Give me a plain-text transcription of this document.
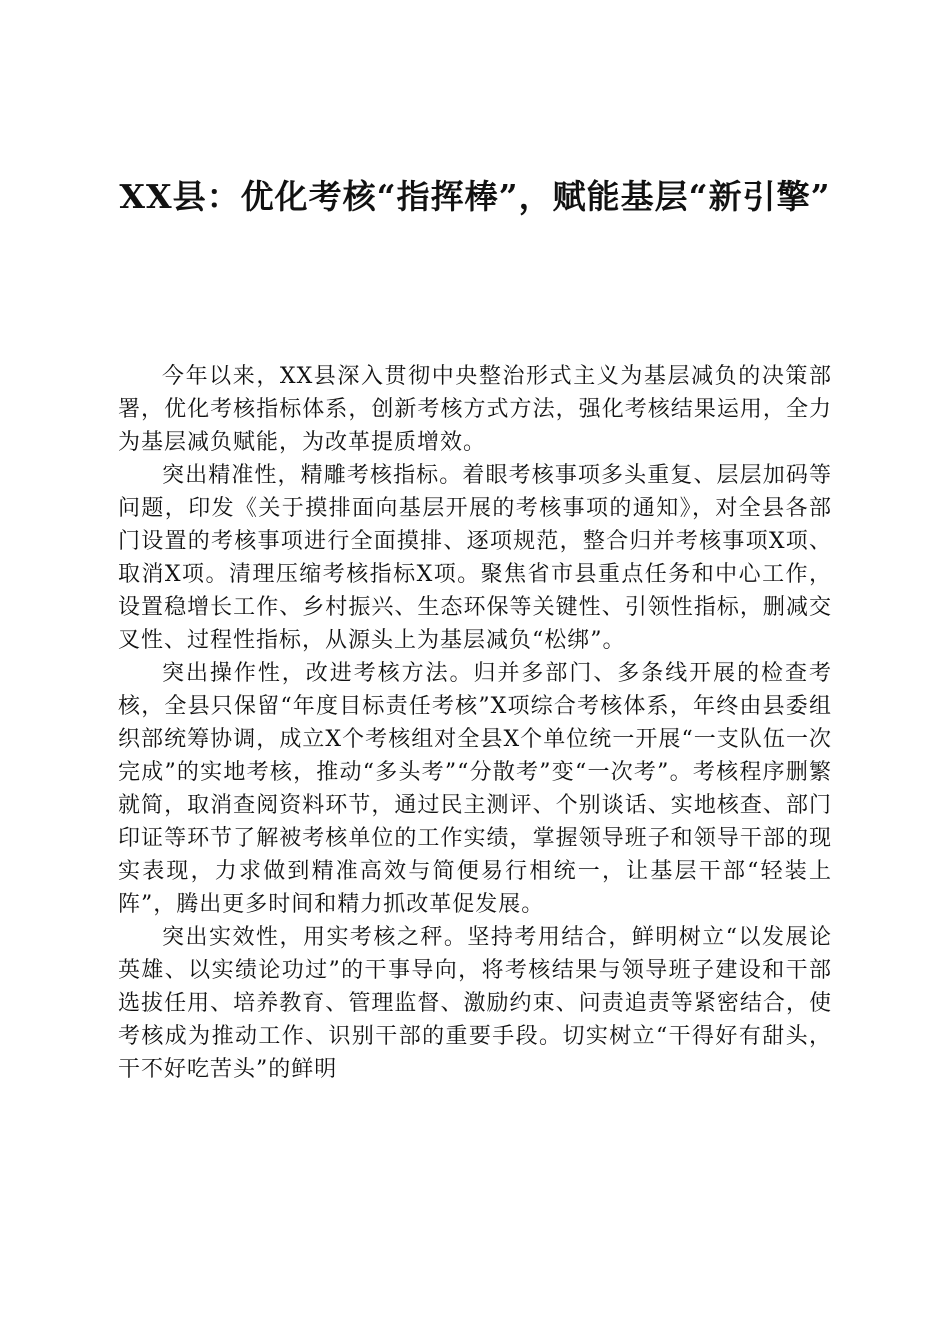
XX县：优化考核“指挥棒”，赋能基层“新引擎”

今年以来，XX县深入贯彻中央整治形式主义为基层减负的决策部署，优化考核指标体系，创新考核方式方法，强化考核结果运用，全力为基层减负赋能，为改革提质增效。

突出精准性，精雕考核指标。着眼考核事项多头重复、层层加码等问题，印发《关于摸排面向基层开展的考核事项的通知》，对全县各部门设置的考核事项进行全面摸排、逐项规范，整合归并考核事项X项、取消X项。清理压缩考核指标X项。聚焦省市县重点任务和中心工作，设置稳增长工作、乡村振兴、生态环保等关键性、引领性指标，删减交叉性、过程性指标，从源头上为基层减负“松绑”。

突出操作性，改进考核方法。归并多部门、多条线开展的检查考核，全县只保留“年度目标责任考核”X项综合考核体系，年终由县委组织部统筹协调，成立X个考核组对全县X个单位统一开展“一支队伍一次完成”的实地考核，推动“多头考”“分散考”变“一次考”。考核程序删繁就简，取消查阅资料环节，通过民主测评、个别谈话、实地核查、部门印证等环节了解被考核单位的工作实绩，掌握领导班子和领导干部的现实表现，力求做到精准高效与简便易行相统一，让基层干部“轻装上阵”，腾出更多时间和精力抓改革促发展。

突出实效性，用实考核之秤。坚持考用结合，鲜明树立“以发展论英雄、以实绩论功过”的干事导向，将考核结果与领导班子建设和干部选拔任用、培养教育、管理监督、激励约束、问责追责等紧密结合，使考核成为推动工作、识别干部的重要手段。切实树立“干得好有甜头，干不好吃苦头”的鲜明
